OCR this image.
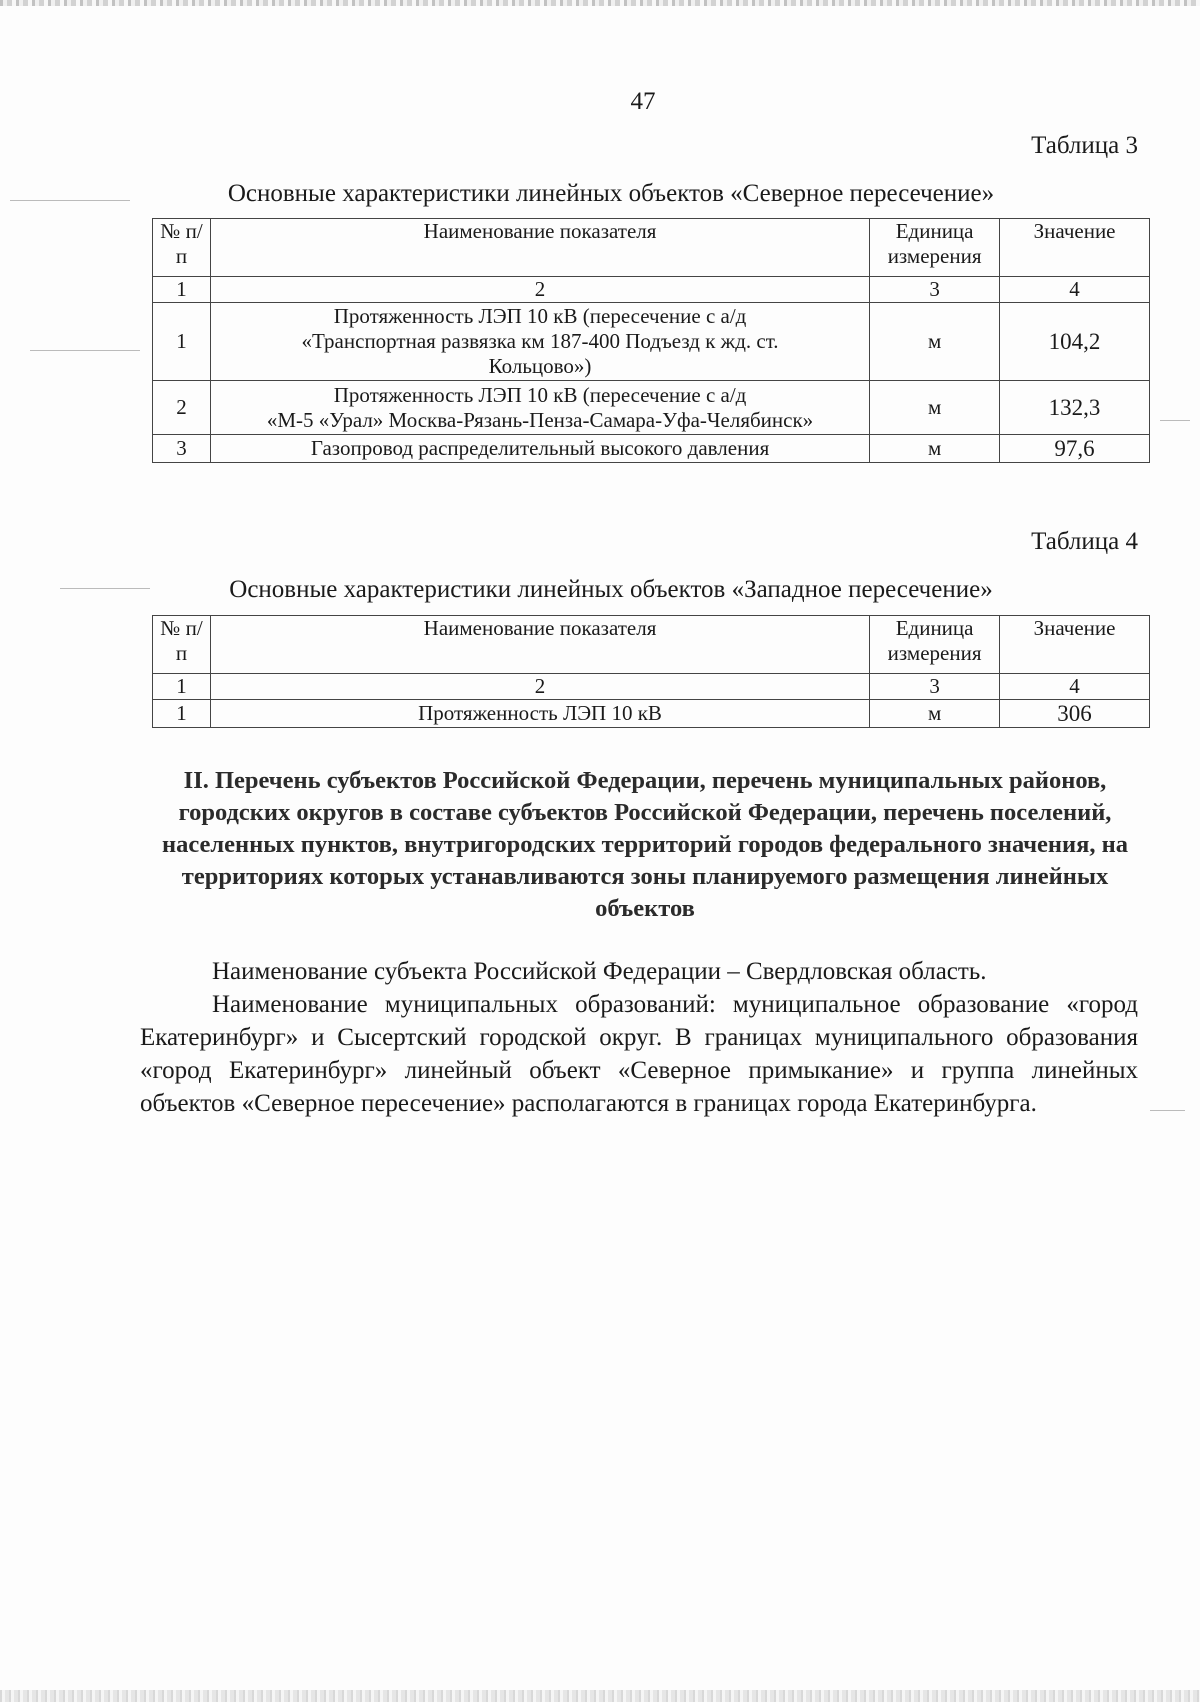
47
Таблица 3
Основные характеристики линейных объектов «Северное пересечение»
№ п/п	Наименование показателя	Единица измерения	Значение
1	2	3	4
1	Протяженность ЛЭП 10 кВ (пересечение с а/д
«Транспортная развязка км 187-400 Подъезд к жд. ст.
Кольцово»)	м	104,2
2	Протяженность ЛЭП 10 кВ (пересечение с а/д
«М-5 «Урал» Москва-Рязань-Пенза-Самара-Уфа-Челябинск»	м	132,3
3	Газопровод распределительный высокого давления	м	97,6
Таблица 4
Основные характеристики линейных объектов «Западное пересечение»
№ п/п	Наименование показателя	Единица измерения	Значение
1	2	3	4
1	Протяженность ЛЭП 10 кВ	м	306
II. Перечень субъектов Российской Федерации, перечень муниципальных районов, городских округов в составе субъектов Российской Федерации, перечень поселений, населенных пунктов, внутригородских территорий городов федерального значения, на территориях которых устанавливаются зоны планируемого размещения линейных объектов

Наименование субъекта Российской Федерации – Свердловская область.

Наименование муниципальных образований: муниципальное образование «город Екатеринбург» и Сысертский городской округ. В границах муниципального образования «город Екатеринбург» линейный объект «Северное примыкание» и группа линейных объектов «Северное пересечение» располагаются в границах города Екатеринбурга.
